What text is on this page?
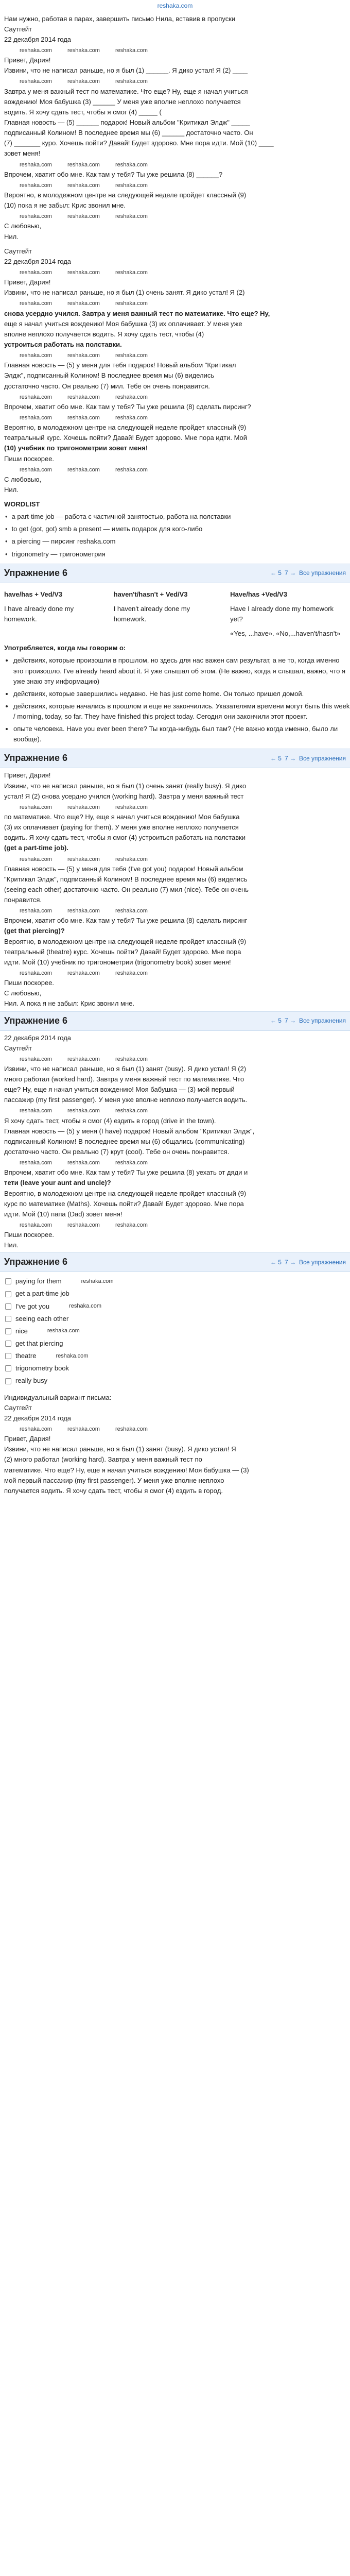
reshaka.com

Нам нужно, работая в парах, завершить письмо Нила, вставив в пропуски
Саутгейт
22 декабря 2014 года
reshaka.com	reshaka.com	reshaka.com
Привет, Дария!
Извини, что не написал раньше, но я был (1) ______. Я дико устал! Я (2) ____
reshaka.com	reshaka.com	reshaka.com
Завтра у меня важный тест по математике. Что еще? Ну, еще я начал учиться
вождению! Моя бабушка (3) ______ У меня уже вполне неплохо получается
водить. Я хочу сдать тест, чтобы я смог (4) _____ (
Главная новость — (5) ______ подарок! Новый альбом "Критикал Элдж" _____
подписанный Колином! В последнее время мы (6) ______ достаточно часто. Он
(7) _______ куро. Хочешь пойти? Давай! Будет здорово. Мне пора идти. Мой (10) ____
зовет меня!
reshaka.com	reshaka.com	reshaka.com
Впрочем, хватит обо мне. Как там у тебя? Ты уже решила (8) ______?
reshaka.com	reshaka.com	reshaka.com
Вероятно, в молодежном центре на следующей неделе пройдет классный (9)
(10) пока я не забыл: Крис звонил мне.
reshaka.com	reshaka.com	reshaka.com
С любовью,
Нил.

Саутгейт
22 декабря 2014 года
reshaka.com	reshaka.com	reshaka.com
Привет, Дария!
Извини, что не написал раньше, но я был (1) очень занят. Я дико устал! Я (2)
reshaka.com	reshaka.com	reshaka.com
снова усердно учился. Завтра у меня важный тест по математике. Что еще? Ну,
еще я начал учиться вождению! Моя бабушка (3) их оплачивает. У меня уже
вполне неплохо получается водить. Я хочу сдать тест, чтобы (4)
устроиться работать на полставки.
reshaka.com	reshaka.com	reshaka.com
Главная новость — (5) у меня для тебя подарок! Новый альбом "Критикал
Элдж", подписанный Колином! В последнее время мы (6) виделись
достаточно часто. Он реально (7) мил. Тебе он очень понравится.
reshaka.com	reshaka.com	reshaka.com
Впрочем, хватит обо мне. Как там у тебя? Ты уже решила (8) сделать пирсинг?
reshaka.com	reshaka.com	reshaka.com
Вероятно, в молодежном центре на следующей неделе пройдет классный (9)
театральный курс. Хочешь пойти? Давай! Будет здорово. Мне пора идти. Мой
(10) учебник по тригонометрии зовет меня!
Пиши поскорее.
reshaka.com	reshaka.com	reshaka.com
С любовью,
Нил.

WORDLIST
• a part-time job — работа с частичной занятостью, работа на полставки
• to get (got, got) smb a present — иметь подарок для кого-либо
• a piercing — пирсинг reshaka.com
• trigonometry — тригонометрия
Упражнение 6	← 5 7 → Все упражнения
have/has + Ved/V3	haven't/hasn't + Ved/V3	Have/has +Ved/V3
I have already done my homework.	I haven't already done my homework.	Have I already done my homework yet?
		«Yes, ...have». «No,...haven't/hasn't»
Употребляется, когда мы говорим о:
• действиях, которые произошли в прошлом, но здесь для нас важен сам результат, а не то, когда именно это произошло. I've already heard about it. Я уже слышал об этом. (Не важно, когда я слышал, важно, что я уже знаю эту информацию)
• действиях, которые завершились недавно. He has just come home. Он только пришел домой.
• действиях, которые начались в прошлом и еще не закончились. Указателями времени могут быть this week / morning, today, so far. They have finished this project today. Сегодня они закончили этот проект.
• опыте человека. Have you ever been there? Ты когда-нибудь был там? (Не важно когда именно, было ли вообще).
Упражнение 6	← 5 7 → Все упражнения

Привет, Дария!
Извини, что не написал раньше, но я был (1) очень занят (really busy). Я дико
устал! Я (2) снова усердно учился (working hard). Завтра у меня важный тест
reshaka.com	reshaka.com	reshaka.com
по математике. Что еще? Ну, еще я начал учиться вождению! Моя бабушка
(3) их оплачивает (paying for them). У меня уже вполне неплохо получается
водить. Я хочу сдать тест, чтобы я смог (4) устроиться работать на полставки
(get a part-time job).
reshaka.com	reshaka.com	reshaka.com
Главная новость — (5) у меня для тебя (I've got you) подарок! Новый альбом
"Критикал Элдж", подписанный Колином! В последнее время мы (6) виделись
(seeing each other) достаточно часто. Он реально (7) мил (nice). Тебе он очень
понравится.
reshaka.com	reshaka.com	reshaka.com
Впрочем, хватит обо мне. Как там у тебя? Ты уже решила (8) сделать пирсинг
(get that piercing)?
Вероятно, в молодежном центре на следующей неделе пройдет классный (9)
театральный (theatre) курс. Хочешь пойти? Давай! Будет здорово. Мне пора
идти. Мой (10) учебник по тригонометрии (trigonometry book) зовет меня!
reshaka.com	reshaka.com	reshaka.com
Пиши поскорее.
С любовью,
Нил. А пока я не забыл: Крис звонил мне.

Упражнение 6	← 5 7 → Все упражнения

22 декабря 2014 года
Саутгейт
reshaka.com	reshaka.com	reshaka.com
Извини, что не написал раньше, но я был (1) занят (busy). Я дико устал! Я (2)
много работал (worked hard). Завтра у меня важный тест по математике. Что
еще? Ну, еще я начал учиться вождению! Моя бабушка — (3) мой первый
пассажир (my first passenger). У меня уже вполне неплохо получается водить.
reshaka.com	reshaka.com	reshaka.com
Я хочу сдать тест, чтобы я смог (4) ездить в город (drive in the town).
Главная новость — (5) у меня (I have) подарок! Новый альбом "Критикал Элдж",
подписанный Колином! В последнее время мы (6) общались (communicating)
достаточно часто. Он реально (7) крут (cool). Тебе он очень понравится.
reshaka.com	reshaka.com	reshaka.com
Впрочем, хватит обо мне. Как там у тебя? Ты уже решила (8) уехать от дяди и
тети (leave your aunt and uncle)?
Вероятно, в молодежном центре на следующей неделе пройдет классный (9)
курс по математике (Maths). Хочешь пойти? Давай! Будет здорово. Мне пора
идти. Мой (10) папа (Dad) зовет меня!
reshaka.com	reshaka.com	reshaka.com
Пиши поскорее.
Нил.

Упражнение 6	← 5 7 → Все упражнения
paying for them	reshaka.com
get a part-time job
I've got you	reshaka.com
seeing each other
nice	reshaka.com
get that piercing
theatre	reshaka.com
trigonometry book
really busy

Индивидуальный вариант письма:
Саутгейт
22 декабря 2014 года
reshaka.com	reshaka.com	reshaka.com
Привет, Дария!
Извини, что не написал раньше, но я был (1) занят (busy). Я дико устал! Я
(2) много работал (working hard). Завтра у меня важный тест по
математике. Что еще? Ну, еще я начал учиться вождению! Моя бабушка — (3)
мой первый пассажир (my first passenger). У меня уже вполне неплохо
получается водить. Я хочу сдать тест, чтобы я смог (4) ездить в город.
